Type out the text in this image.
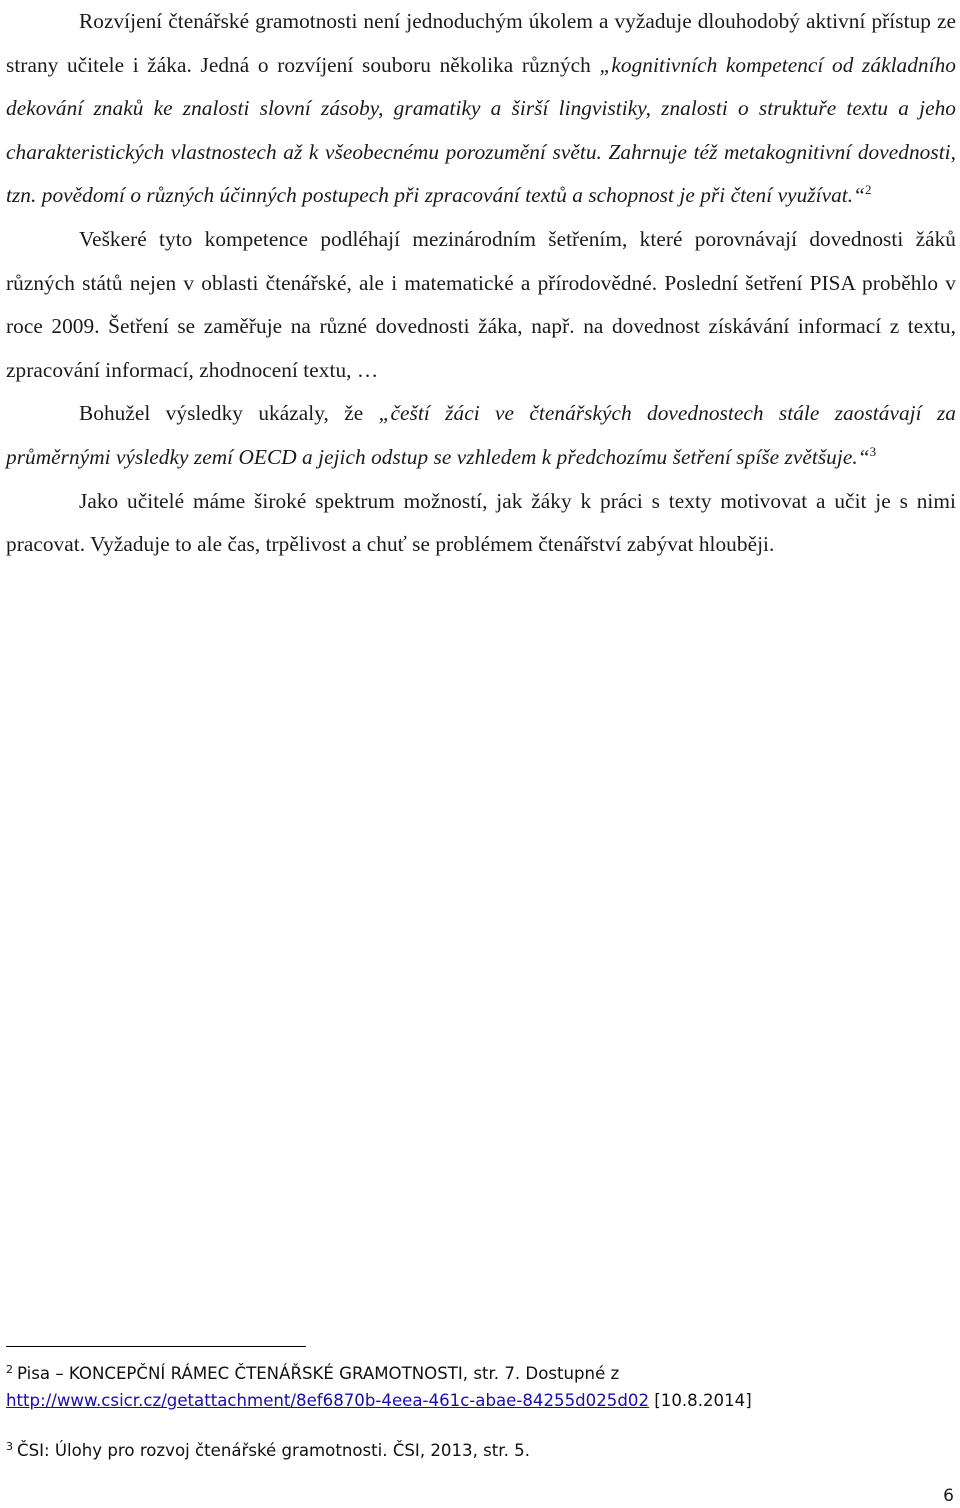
Rozvíjení čtenářské gramotnosti není jednoduchým úkolem a vyžaduje dlouhodobý aktivní přístup ze strany učitele i žáka. Jedná o rozvíjení souboru několika různých „kognitivních kompetencí od základního dekování znaků ke znalosti slovní zásoby, gramatiky a širší lingvistiky, znalosti o struktuře textu a jeho charakteristických vlastnostech až k všeobecnému porozumění světu. Zahrnuje též metakognitivní dovednosti, tzn. povědomí o různých účinných postupech při zpracování textů a schopnost je při čtení využívat.“$^2$

Veškeré tyto kompetence podléhají mezinárodním šetřením, které porovnávají dovednosti žáků různých států nejen v oblasti čtenářské, ale i matematické a přírodovědné. Poslední šetření PISA proběhlo v roce 2009. Šetření se zaměřuje na různé dovednosti žáka, např. na dovednost získávání informací z textu, zpracování informací, zhodnocení textu, …

Bohužel výsledky ukázaly, že „čeští žáci ve čtenářských dovednostech stále zaostávají za průměrnými výsledky zemí OECD a jejich odstup se vzhledem k předchozímu šetření spíše zvětšuje.“$^3$

Jako učitelé máme široké spektrum možností, jak žáky k práci s texty motivovat a učit je s nimi pracovat. Vyžaduje to ale čas, trpělivost a chuť se problémem čtenářství zabývat hlouběji.

$^2$ Pisa – KONCEPČNÍ RÁMEC ČTENÁŘSKÉ GRAMOTNOSTI, str. 7. Dostupné z
http://www.csicr.cz/getattachment/8ef6870b-4eea-461c-abae-84255d025d02 [10.8.2014]

$^3$ ČSI: Úlohy pro rozvoj čtenářské gramotnosti. ČSI, 2013, str. 5.

6
